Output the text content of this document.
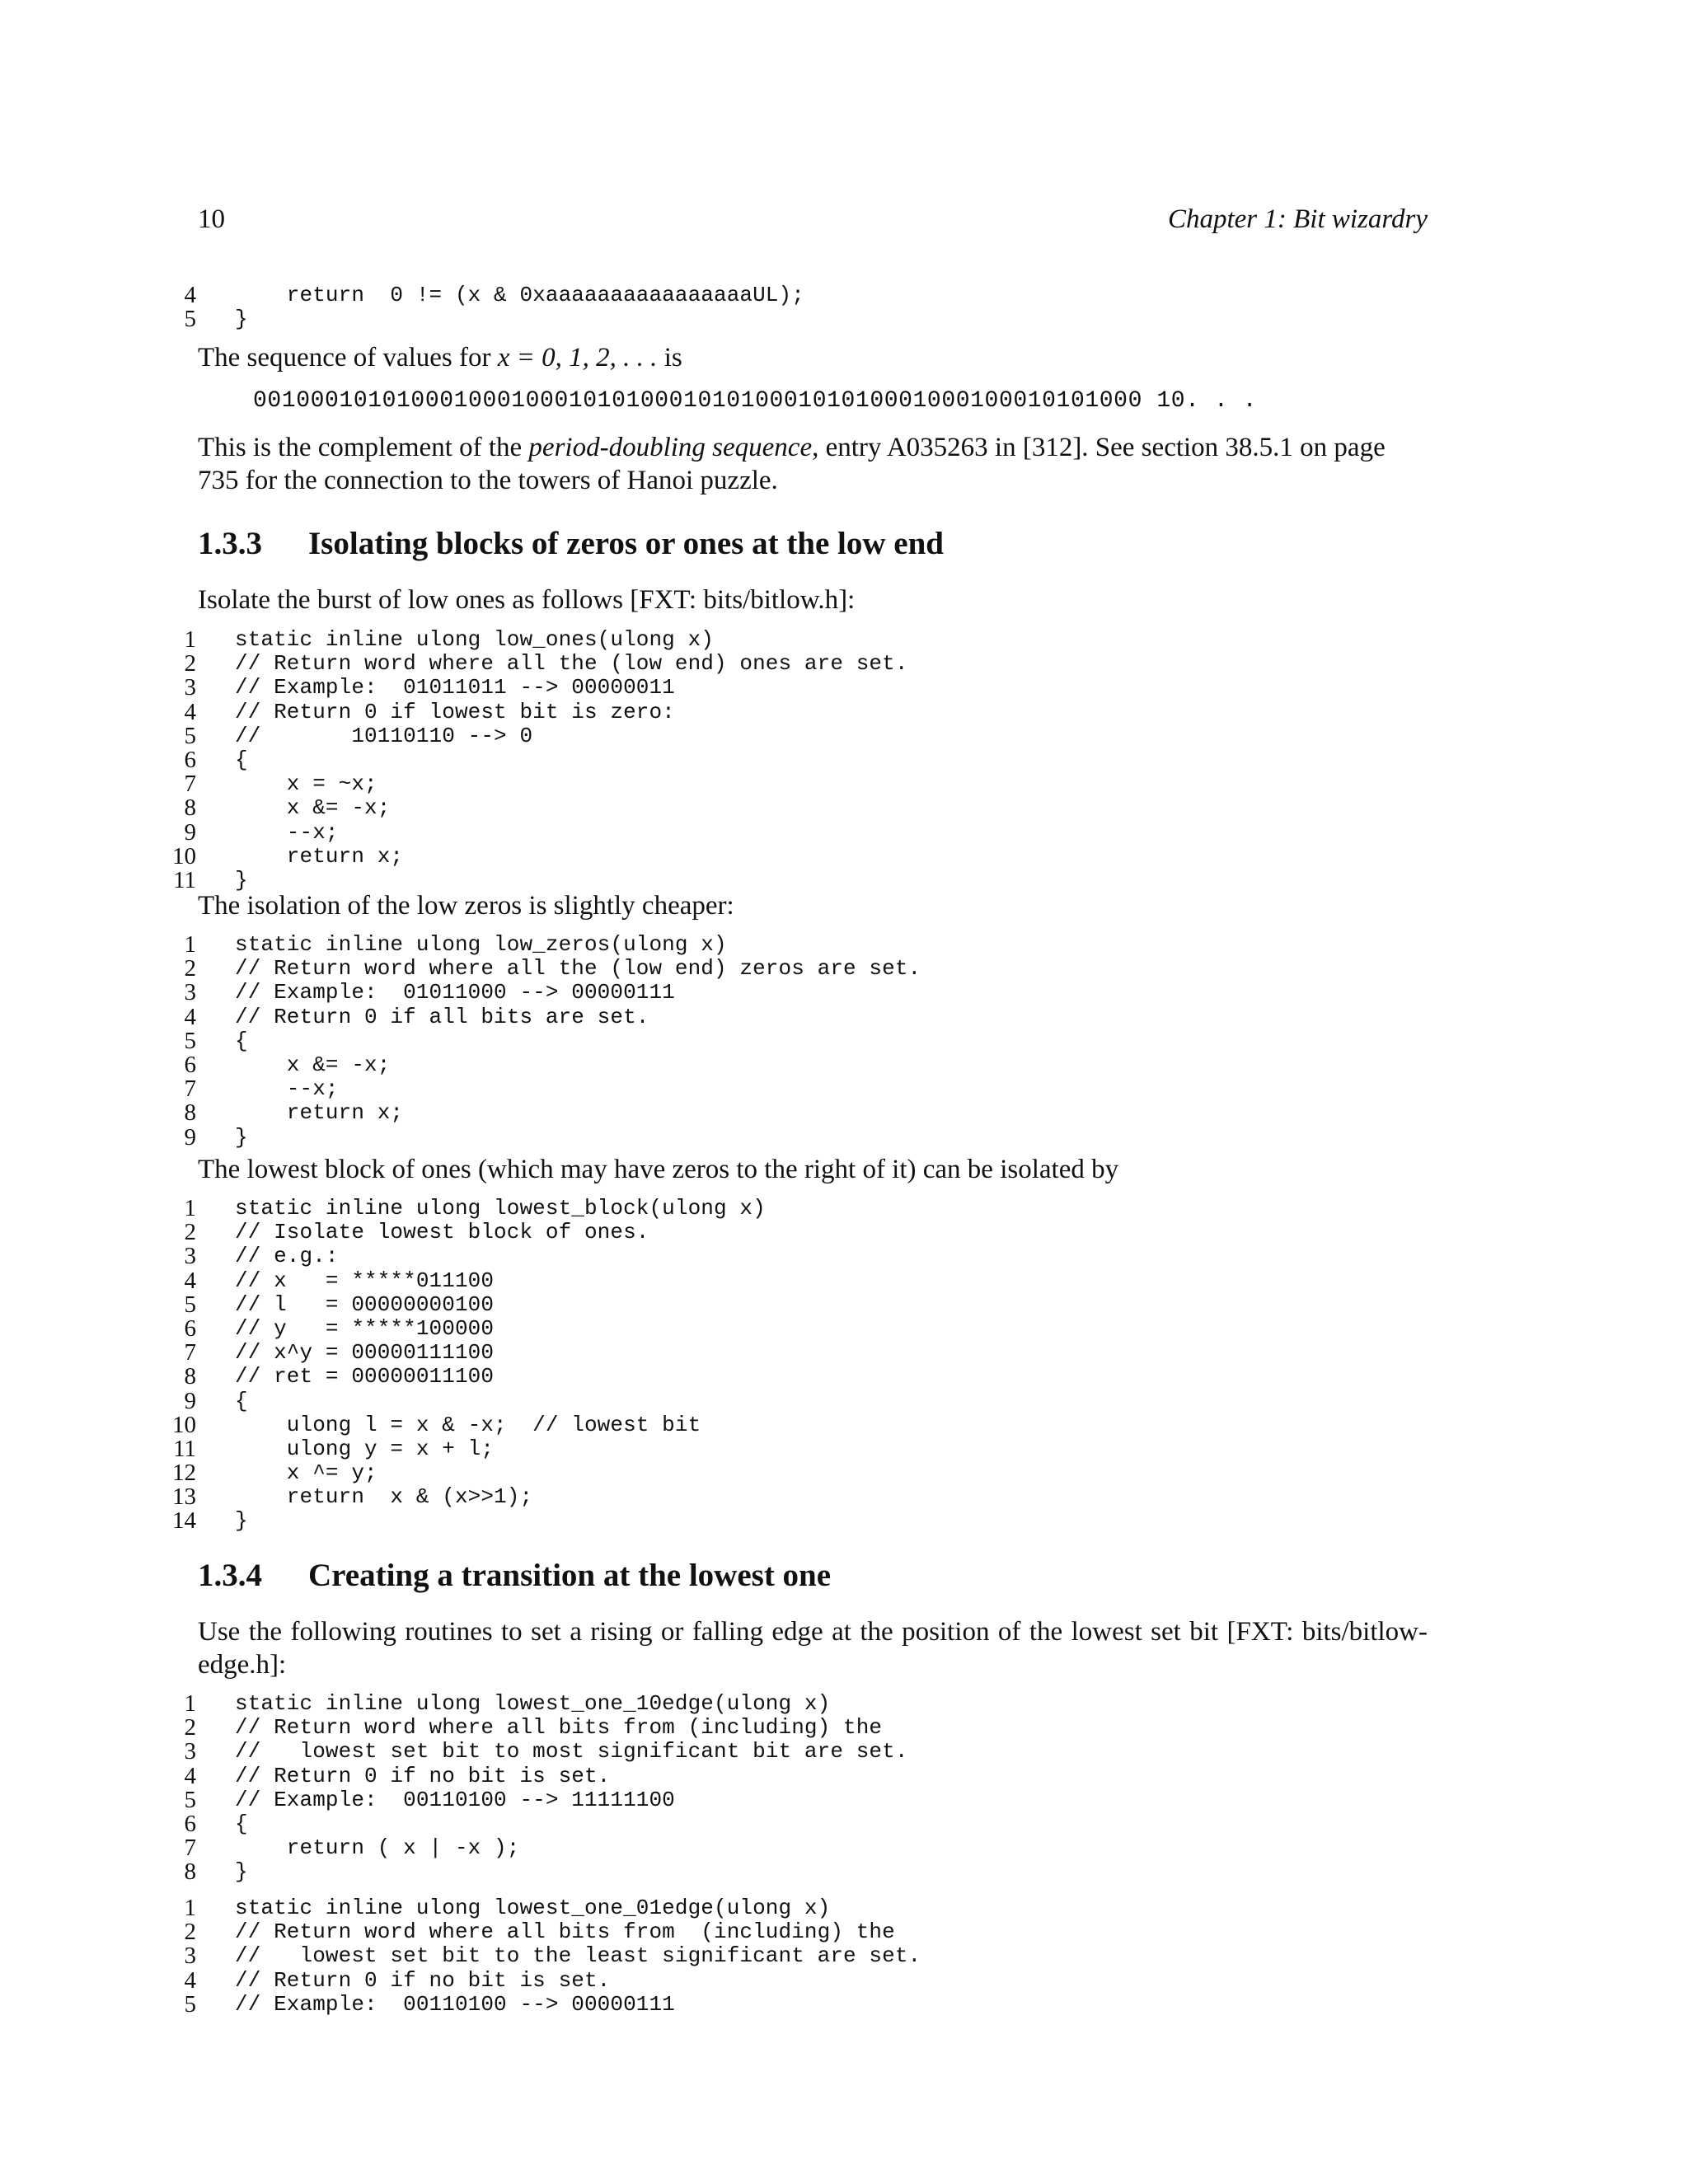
10	Chapter 1: Bit wizardry
4 return  0 != (x & 0xaaaaaaaaaaaaaaaaUL);
5 }

The sequence of values for x = 0, 1, 2, . . . is

00100010101000100010001010100010101000101010001000100010101000 10. . .

This is the complement of the period-doubling sequence, entry A035263 in [312]. See section 38.5.1 on page 735 for the connection to the towers of Hanoi puzzle.

1.3.3 Isolating blocks of zeros or ones at the low end

Isolate the burst of low ones as follows [FXT: bits/bitlow.h]:

1 static inline ulong low_ones(ulong x)
2 // Return word where all the (low end) ones are set.
3 // Example:  01011011 --> 00000011
4 // Return 0 if lowest bit is zero:
5 //       10110110 --> 0
6 {
7 x = ~x;
8 x &= -x;
9 --x;
10 return x;
11 }

The isolation of the low zeros is slightly cheaper:

1 static inline ulong low_zeros(ulong x)
2 // Return word where all the (low end) zeros are set.
3 // Example:  01011000 --> 00000111
4 // Return 0 if all bits are set.
5 {
6 x &= -x;
7 --x;
8 return x;
9 }

The lowest block of ones (which may have zeros to the right of it) can be isolated by

1 static inline ulong lowest_block(ulong x)
2 // Isolate lowest block of ones.
3 // e.g.:
4 // x   = *****011100
5 // l   = 00000000100
6 // y   = *****100000
7 // x^y = 00000111100
8 // ret = 00000011100
9 {
10 ulong l = x & -x;  // lowest bit
11 ulong y = x + l;
12 x ^= y;
13 return  x & (x>>1);
14 }
1.3.4 Creating a transition at the lowest one

Use the following routines to set a rising or falling edge at the position of the lowest set bit [FXT: bits/bitlow-edge.h]:

1 static inline ulong lowest_one_10edge(ulong x)
2 // Return word where all bits from (including) the
3 //   lowest set bit to most significant bit are set.
4 // Return 0 if no bit is set.
5 // Example:  00110100 --> 11111100
6 {
7 return ( x | -x );
8 }
1 static inline ulong lowest_one_01edge(ulong x)
2 // Return word where all bits from  (including) the
3 //   lowest set bit to the least significant are set.
4 // Return 0 if no bit is set.
5 // Example:  00110100 --> 00000111
